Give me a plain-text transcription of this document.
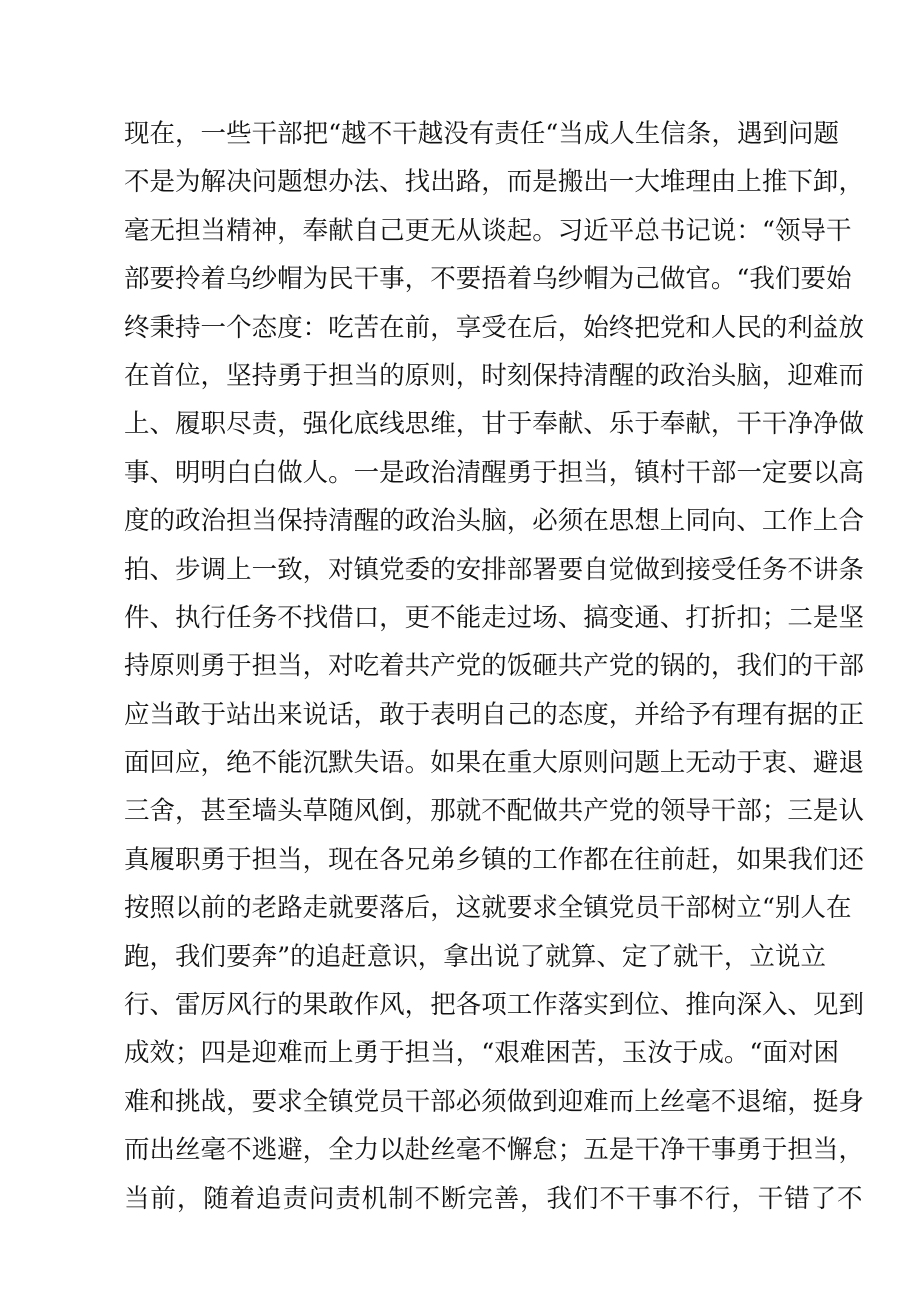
现 在 ， 一 些 干 部 把 “ 越 不 干 越 没 有 责 任 “ 当 成 人 生 信 条 ， 遇 到 问 题
不 是 为 解 决 问 题 想 办 法 、 找 出 路 ， 而 是 搬 出 一 大 堆 理 由 上 推 下 卸 ，
毫 无 担 当 精 神 ， 奉 献 自 己 更 无 从 谈 起 。 习 近 平 总 书 记 说 ： “ 领 导 干
部 要 拎 着 乌 纱 帽 为 民 干 事 ， 不 要 捂 着 乌 纱 帽 为 己 做 官 。 “ 我 们 要 始
终 秉 持 一 个 态 度 ： 吃 苦 在 前 ， 享 受 在 后 ， 始 终 把 党 和 人 民 的 利 益 放
在 首 位 ， 坚 持 勇 于 担 当 的 原 则 ， 时 刻 保 持 清 醒 的 政 治 头 脑 ， 迎 难 而
上 、 履 职 尽 责 ， 强 化 底 线 思 维 ， 甘 于 奉 献 、 乐 于 奉 献 ， 干 干 净 净 做
事 、 明 明 白 白 做 人 。 一 是 政 治 清 醒 勇 于 担 当 ， 镇 村 干 部 一 定 要 以 高
度 的 政 治 担 当 保 持 清 醒 的 政 治 头 脑 ， 必 须 在 思 想 上 同 向 、 工 作 上 合
拍 、 步 调 上 一 致 ， 对 镇 党 委 的 安 排 部 署 要 自 觉 做 到 接 受 任 务 不 讲 条
件 、 执 行 任 务 不 找 借 口 ， 更 不 能 走 过 场 、 搞 变 通 、 打 折 扣 ； 二 是 坚
持 原 则 勇 于 担 当 ， 对 吃 着 共 产 党 的 饭 砸 共 产 党 的 锅 的 ， 我 们 的 干 部
应 当 敢 于 站 出 来 说 话 ， 敢 于 表 明 自 己 的 态 度 ， 并 给 予 有 理 有 据 的 正
面 回 应 ， 绝 不 能 沉 默 失 语 。 如 果 在 重 大 原 则 问 题 上 无 动 于 衷 、 避 退
三 舍 ， 甚 至 墙 头 草 随 风 倒 ， 那 就 不 配 做 共 产 党 的 领 导 干 部 ； 三 是 认
真 履 职 勇 于 担 当 ， 现 在 各 兄 弟 乡 镇 的 工 作 都 在 往 前 赶 ， 如 果 我 们 还
按 照 以 前 的 老 路 走 就 要 落 后 ， 这 就 要 求 全 镇 党 员 干 部 树 立 “ 别 人 在
跑 ， 我 们 要 奔 ” 的 追 赶 意 识 ， 拿 出 说 了 就 算 、 定 了 就 干 ， 立 说 立
行 、 雷 厉 风 行 的 果 敢 作 风 ， 把 各 项 工 作 落 实 到 位 、 推 向 深 入 、 见 到
成 效 ； 四 是 迎 难 而 上 勇 于 担 当 ， “ 艰 难 困 苦 ， 玉 汝 于 成 。 “ 面 对 困
难 和 挑 战 ， 要 求 全 镇 党 员 干 部 必 须 做 到 迎 难 而 上 丝 毫 不 退 缩 ， 挺 身
而 出 丝 毫 不 逃 避 ， 全 力 以 赴 丝 毫 不 懈 怠 ； 五 是 干 净 干 事 勇 于 担 当 ，
当 前 ， 随 着 追 责 问 责 机 制 不 断 完 善 ， 我 们 不 干 事 不 行 ， 干 错 了 不
